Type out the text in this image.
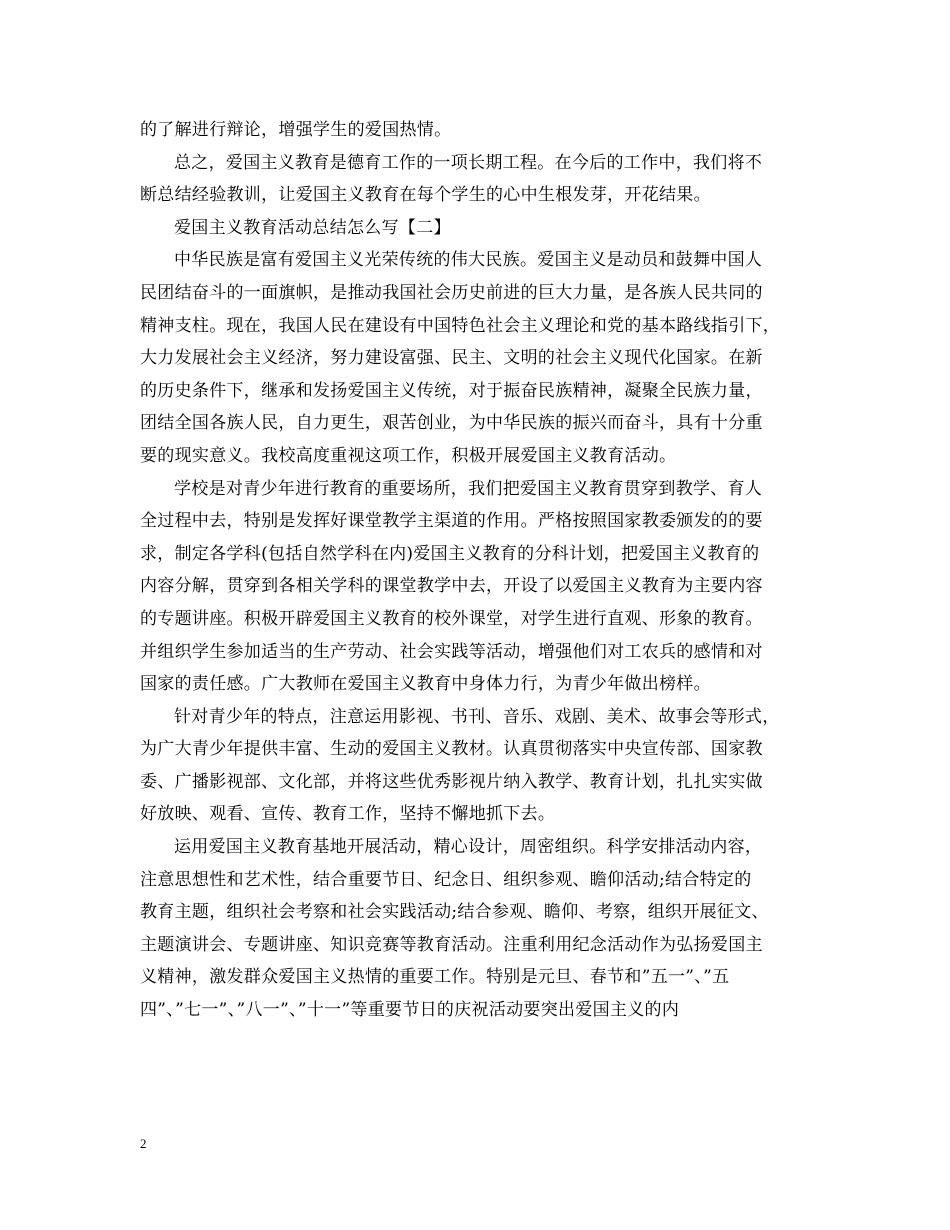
的了解进行辩论，增强学生的爱国热情。
总之，爱国主义教育是德育工作的一项长期工程。在今后的工作中，我们将不
断总结经验教训，让爱国主义教育在每个学生的心中生根发芽，开花结果。
爱国主义教育活动总结怎么写【二】
中华民族是富有爱国主义光荣传统的伟大民族。爱国主义是动员和鼓舞中国人
民团结奋斗的一面旗帜，是推动我国社会历史前进的巨大力量，是各族人民共同的
精神支柱。现在，我国人民在建设有中国特色社会主义理论和党的基本路线指引下，
大力发展社会主义经济，努力建设富强、民主、文明的社会主义现代化国家。在新
的历史条件下，继承和发扬爱国主义传统，对于振奋民族精神，凝聚全民族力量，
团结全国各族人民，自力更生，艰苦创业，为中华民族的振兴而奋斗，具有十分重
要的现实意义。我校高度重视这项工作，积极开展爱国主义教育活动。
学校是对青少年进行教育的重要场所，我们把爱国主义教育贯穿到教学、育人
全过程中去，特别是发挥好课堂教学主渠道的作用。严格按照国家教委颁发的的要
求，制定各学科(包括自然学科在内)爱国主义教育的分科计划，把爱国主义教育的
内容分解，贯穿到各相关学科的课堂教学中去，开设了以爱国主义教育为主要内容
的专题讲座。积极开辟爱国主义教育的校外课堂，对学生进行直观、形象的教育。
并组织学生参加适当的生产劳动、社会实践等活动，增强他们对工农兵的感情和对
国家的责任感。广大教师在爱国主义教育中身体力行，为青少年做出榜样。
针对青少年的特点，注意运用影视、书刊、音乐、戏剧、美术、故事会等形式，
为广大青少年提供丰富、生动的爱国主义教材。认真贯彻落实中央宣传部、国家教
委、广播影视部、文化部，并将这些优秀影视片纳入教学、教育计划，扎扎实实做
好放映、观看、宣传、教育工作，坚持不懈地抓下去。
运用爱国主义教育基地开展活动，精心设计，周密组织。科学安排活动内容，
注意思想性和艺术性，结合重要节日、纪念日、组织参观、瞻仰活动;结合特定的
教育主题，组织社会考察和社会实践活动;结合参观、瞻仰、考察，组织开展征文、
主题演讲会、专题讲座、知识竞赛等教育活动。注重利用纪念活动作为弘扬爱国主
义精神，激发群众爱国主义热情的重要工作。特别是元旦、春节和”五一”、”五
四”、”七一”、”八一”、”十一”等重要节日的庆祝活动要突出爱国主义的内
2
